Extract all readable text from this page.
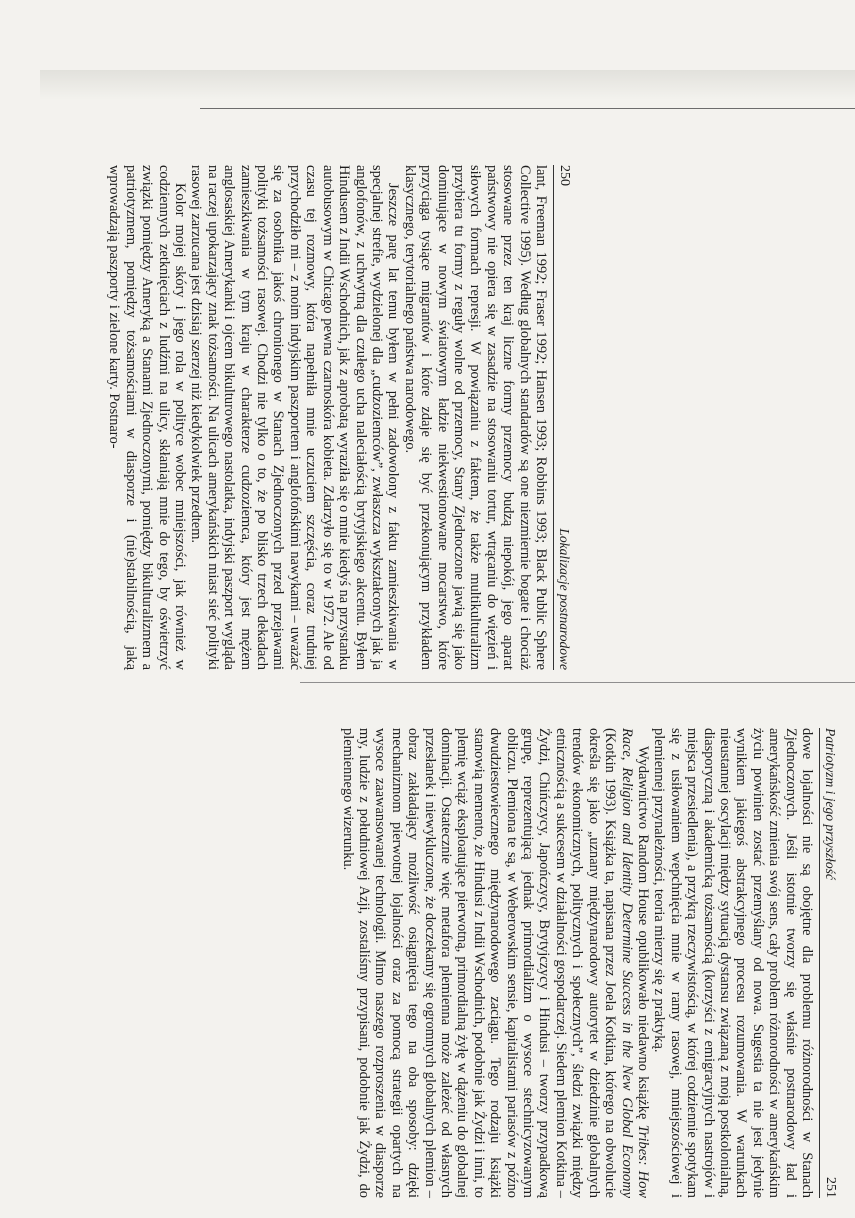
250
Lokalizacje postnarodowe

lant, Freeman 1992; Fraser 1992; Hansen 1993; Robbins 1993; Black Public Sphere Collective 1995). Według globalnych standardów są one niezmiernie bogate i chociaż stosowane przez ten kraj liczne formy przemocy budzą niepokój, jego aparat państwowy nie opiera się w zasadzie na stosowaniu tortur, wtrącaniu do więzień i siłowych formach represji. W powiązaniu z faktem, że także multikulturalizm przybiera tu formy z reguły wolne od przemocy, Stany Zjednoczone jawią się jako dominujące w nowym światowym ładzie niekwestionowane mocarstwo, które przyciąga tysiące migrantów i które zdaje się być przekonującym przykładem klasycznego, terytorialnego państwa narodowego.

Jeszcze parę lat temu byłem w pełni zadowolony z faktu zamieszkiwania w specjalnej strefie, wydzielonej dla „cudzoziemców”, zwłaszcza wykształconych jak ja anglofonów, z uchwytną dla czułego ucha naleciałością brytyjskiego akcentu. Byłem Hindusem z Indii Wschodnich, jak z aprobatą wyraziła się o mnie kiedyś na przystanku autobusowym w Chicago pewna czarnoskóra kobieta. Zdarzyło się to w 1972. Ale od czasu tej rozmowy, która napełniła mnie uczuciem szczęścia, coraz trudniej przychodziło mi – z moim indyjskim paszportem i anglofońskimi nawykami – uważać się za osobnika jakoś chronionego w Stanach Zjednoczonych przed przejawami polityki tożsamości rasowej. Chodzi nie tylko o to, że po blisko trzech dekadach zamieszkiwania w tym kraju w charakterze cudzoziemca, który jest mężem anglosaskiej Amerykanki i ojcem bikulturowego nastolatka, indyjski paszport wygląda na raczej upokarzający znak tożsamości. Na ulicach amerykańskich miast sieć polityki rasowej zarzucana jest dzisiaj szerzej niż kiedykolwiek przedtem.

Kolor mojej skóry i jego rola w polityce wobec mniejszości, jak również w codziennych zetknięciach z ludźmi na ulicy, skłaniają mnie do tego, by oświetrzyć związki pomiędzy Ameryką a Stanami Zjednoczonymi, pomiędzy bikulturalizmem a patriotyzmem, pomiędzy tożsamościami w diasporze i (nie)stabilnością, jaką wprowadzają paszporty i zielone karty. Postnaro-

Patriotyzm i jego przyszłość
251

dowe lojalności nie są obojętne dla problemu różnorodności w Stanach Zjednoczonych. Jeśli istotnie tworzy się właśnie postnarodowy ład i amerykańskość zmienia swój sens, cały problem różnorodności w amerykańskim życiu powinien zostać przemyślany od nowa. Sugestia ta nie jest jedynie wynikiem jakiegoś abstrakcyjnego procesu rozumowania. W warunkach nieustannej oscylacji między sytuacją dystansu związaną z moją postkolonialną, diasporyczną i akademicką tożsamością (korzyści z emigracyjnych nastrojów i miejsca przesiedlenia), a przykrą rzeczywistością, w której codziennie spotykam się z usiłowaniem wepchnięcia mnie w ramy rasowej, mniejszościowej i plemiennej przynależności, teoria mierzy się z praktyką.

Wydawnictwo Random House opublikowało niedawno książkę Tribes: How Race, Religion and Identity Determine Success in the New Global Economy (Kotkin 1993). Książka ta, napisana przez Joela Kotkina, którego na obwolucie określa się jako „uznany międzynarodowy autorytet w dziedzinie globalnych trendów ekonomicznych, politycznych i społecznych”, śledzi związki między etnicznością a sukcesem w działalności gospodarczej. Siedem plemion Kotkina – Żydzi, Chińczycy, Japończycy, Brytyjczycy i Hindusi – tworzy przypadkową grupę, reprezentującą jednak primordializm o wysoce stechnicyzowanym obliczu. Plemiona te są, w Weberowskim sensie, kapitalistami pariasów z późno dwudziestowiecznego międzynarodowego zaciągu. Tego rodzaju książki stanowią memento, że Hindusi z Indii Wschodnich, podobnie jak Żydzi i inni, to plemię wciąż eksploatujące pierwotną, primordialną żyłę w dążeniu do globalnej dominacji. Ostatecznie więc metafora plemienna może zależeć od własnych przesłanek i niewykluczone, że doczekamy się ogromnych globalnych plemion – obraz zakładający możliwość osiągnięcia tego na oba sposoby: dzięki mechanizmom pierwotnej lojalności oraz za pomocą strategii opartych na wysoce zaawansowanej technologii. Mimo naszego rozproszenia w diasporze my, ludzie z południowej Azji, zostaliśmy przypisani, podobnie jak Żydzi, do plemiennego wizerunku.
